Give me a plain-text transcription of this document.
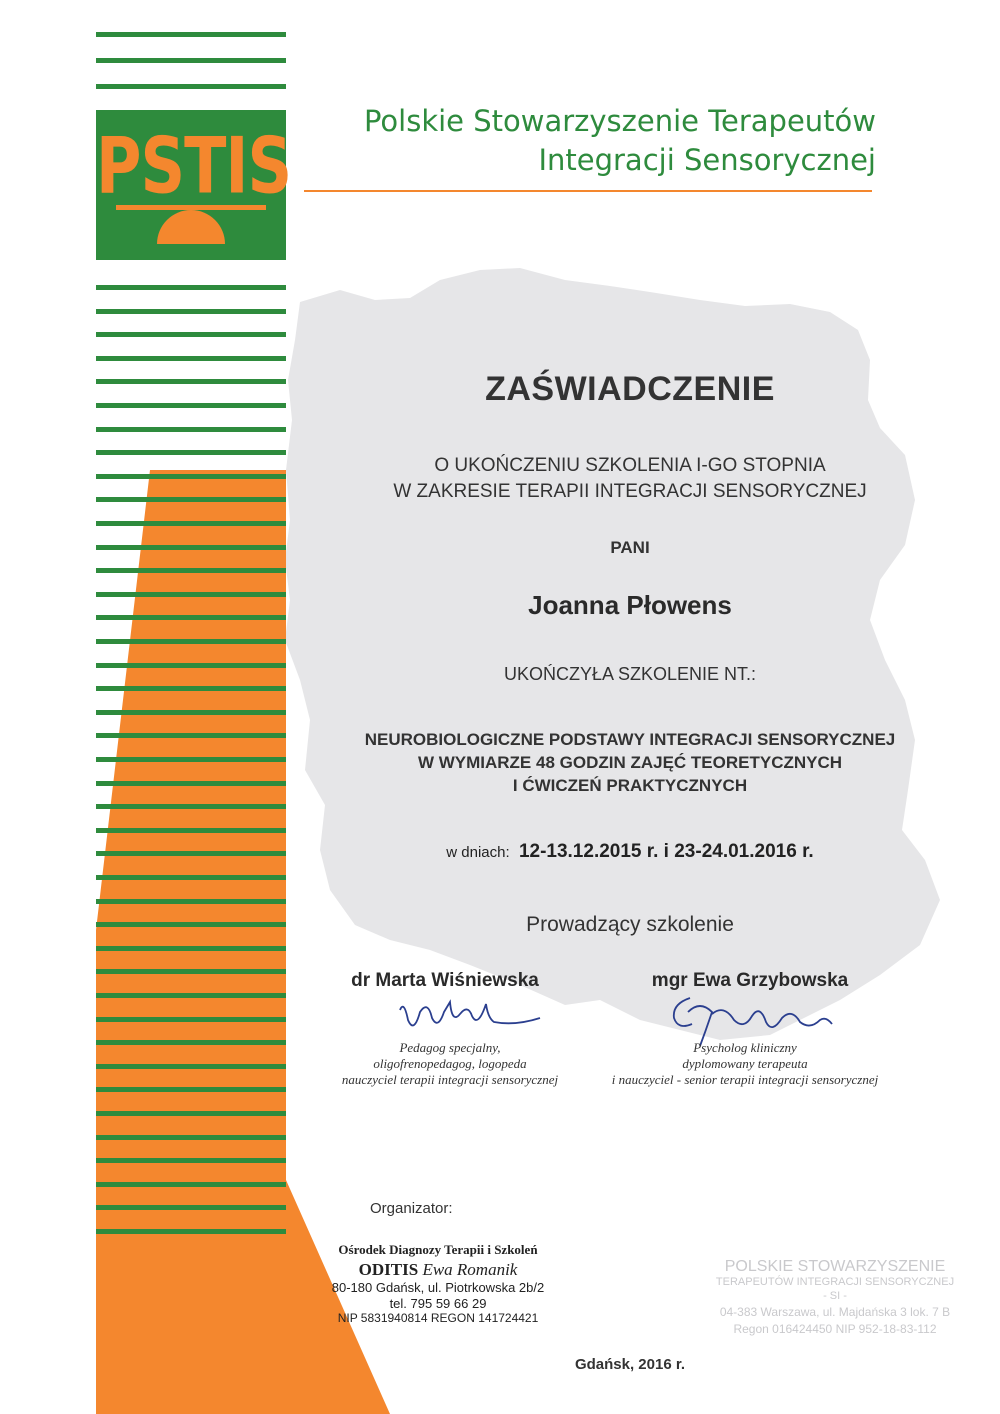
PSTIS	Polskie Stowarzyszenie Terapeutów
Integracji Sensorycznej
ZAŚWIADCZENIE
O UKOŃCZENIU SZKOLENIA I-GO STOPNIA
W ZAKRESIE TERAPII INTEGRACJI SENSORYCZNEJ
PANI
Joanna Płowens
UKOŃCZYŁA SZKOLENIE NT.:
NEUROBIOLOGICZNE PODSTAWY INTEGRACJI SENSORYCZNEJ
W WYMIARZE 48 GODZIN ZAJĘĆ TEORETYCZNYCH
I ĆWICZEŃ PRAKTYCZNYCH
w dniach: 12-13.12.2015 r. i 23-24.01.2016 r.
Prowadzący szkolenie
dr Marta Wiśniewska
Pedagog specjalny,
oligofrenopedagog, logopeda
nauczyciel terapii integracji sensorycznej
mgr Ewa Grzybowska
Psycholog kliniczny
dyplomowany terapeuta
i nauczyciel - senior terapii integracji sensorycznej
Organizator:
Ośrodek Diagnozy Terapii i Szkoleń
ODITIS Ewa Romanik
80-180 Gdańsk, ul. Piotrkowska 2b/2
tel. 795 59 66 29
NIP 5831940814 REGON 141724421
POLSKIE STOWARZYSZENIE
TERAPEUTÓW INTEGRACJI SENSORYCZNEJ
- SI -
04-383 Warszawa, ul. Majdańska 3 lok. 7 B
Regon 016424450 NIP 952-18-83-112
Gdańsk, 2016 r.
